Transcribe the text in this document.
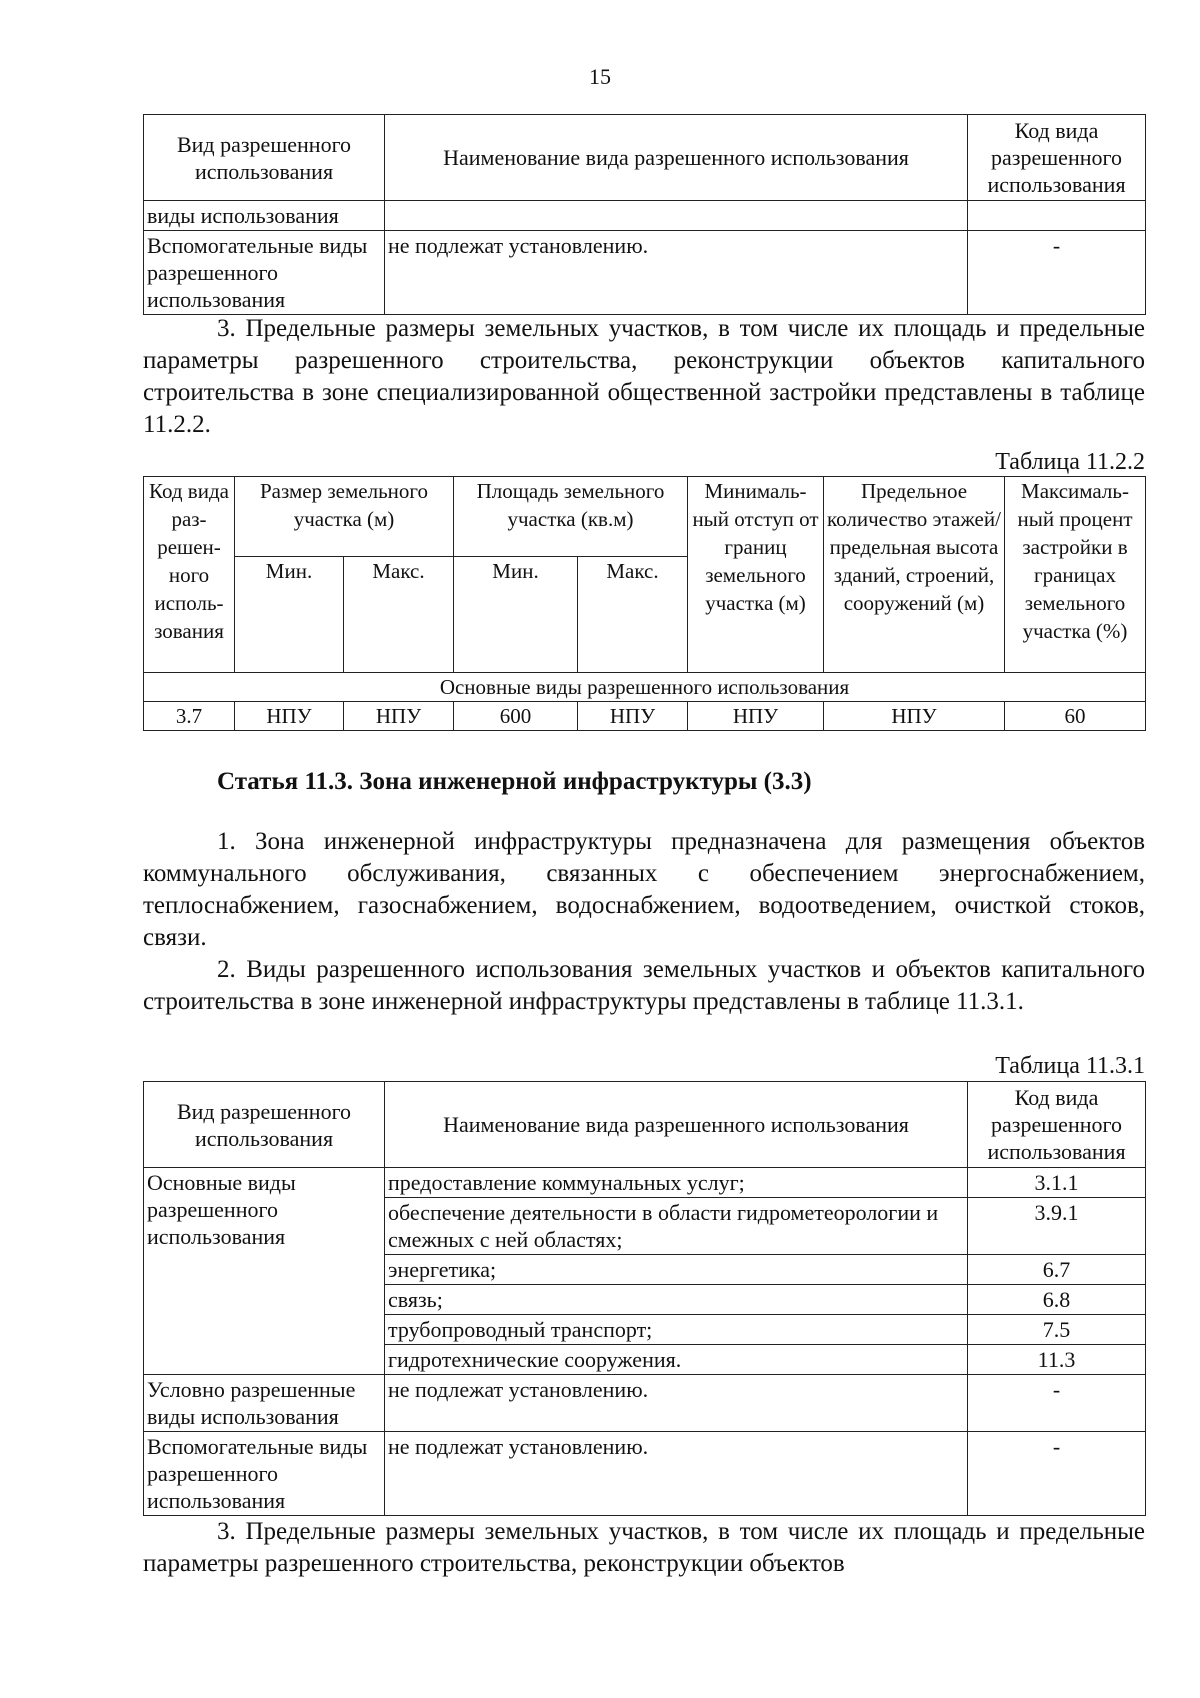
15
Вид разрешенного использования	Наименование вида разрешенного использования	Код вида разрешенного использования
виды использования		
Вспомогательные виды разрешенного использования	не подлежат установлению.	-

3. Предельные размеры земельных участков, в том числе их площадь и предельные параметры разрешенного строительства, реконструкции объектов капитального строительства в зоне специализированной общественной застройки представлены в таблице 11.2.2.

Таблица 11.2.2
Код вида раз-решен-ного исполь-зования	Размер земельного участка (м)		Площадь земельного участка (кв.м)		Минималь-ный отступ от границ земельного участка (м)	Предельное количество этажей/ предельная высота зданий, строений, сооружений (м)	Максималь-ный процент застройки в границах земельного участка (%)
	Мин.	Макс.	Мин.	Макс.			
Основные виды разрешенного использования							
3.7	НПУ	НПУ	600	НПУ	НПУ	НПУ	60
Статья 11.3. Зона инженерной инфраструктуры (3.3)

1. Зона инженерной инфраструктуры предназначена для размещения объектов коммунального обслуживания, связанных с обеспечением энергоснабжением, теплоснабжением, газоснабжением, водоснабжением, водоотведением, очисткой стоков, связи.

2. Виды разрешенного использования земельных участков и объектов капитального строительства в зоне инженерной инфраструктуры представлены в таблице 11.3.1.

Таблица 11.3.1
Вид разрешенного использования	Наименование вида разрешенного использования	Код вида разрешенного использования
Основные виды разрешенного использования	предоставление коммунальных услуг;	3.1.1
	обеспечение деятельности в области гидрометеорологии и смежных с ней областях;	3.9.1
	энергетика;	6.7
	связь;	6.8
	трубопроводный транспорт;	7.5
	гидротехнические сооружения.	11.3
Условно разрешенные виды использования	не подлежат установлению.	-
Вспомогательные виды разрешенного использования	не подлежат установлению.	-

3. Предельные размеры земельных участков, в том числе их площадь и предельные параметры разрешенного строительства, реконструкции объектов
